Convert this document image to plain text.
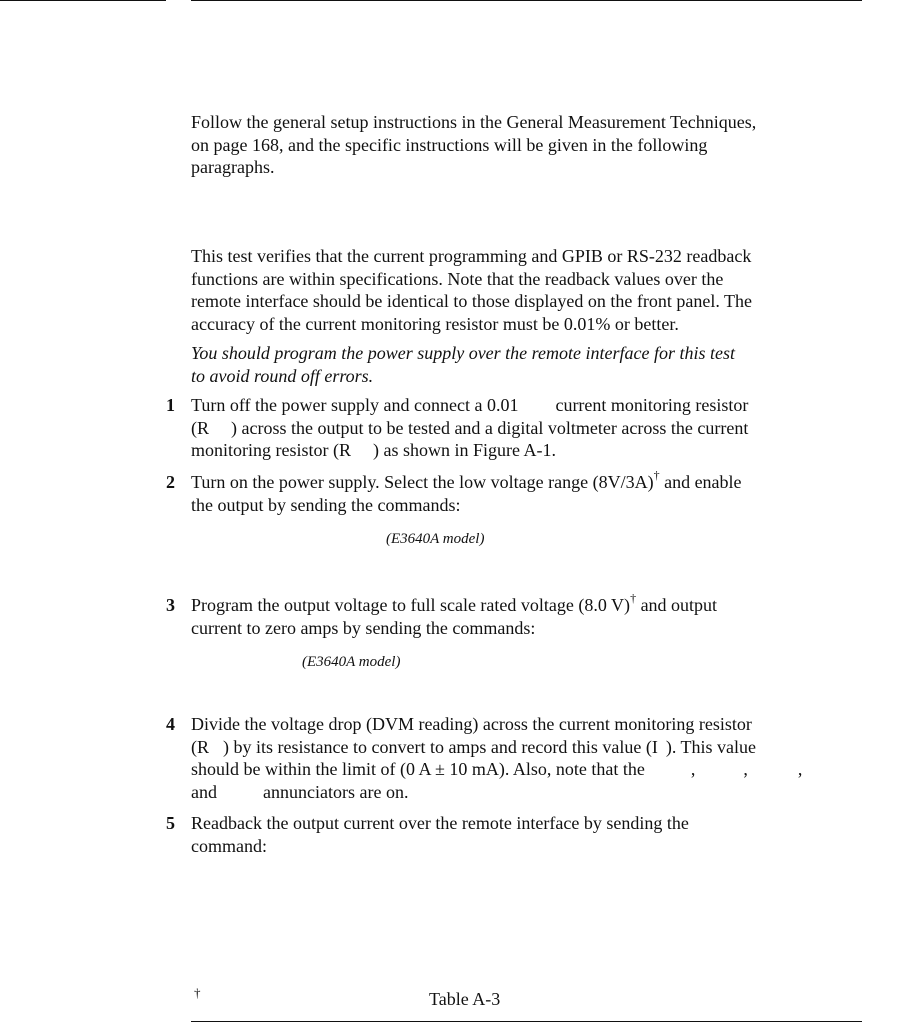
Follow the general setup instructions in the General Measurement Techniques,
on page 168, and the specific instructions will be given in the following
paragraphs.
This test verifies that the current programming and GPIB or RS-232 readback
functions are within specifications. Note that the readback values over the
remote interface should be identical to those displayed on the front panel. The
accuracy of the current monitoring resistor must be 0.01% or better.
You should program the power supply over the remote interface for this test
to avoid round off errors.
1 Turn off the power supply and connect a 0.01 current monitoring resistor
(R ) across the output to be tested and a digital voltmeter across the current
monitoring resistor (R ) as shown in Figure A-1.
2 Turn on the power supply. Select the low voltage range (8V/3A)† and enable
the output by sending the commands:
(E3640A model)
3 Program the output voltage to full scale rated voltage (8.0 V)† and output
current to zero amps by sending the commands:
(E3640A model)
4 Divide the voltage drop (DVM reading) across the current monitoring resistor
(R ) by its resistance to convert to amps and record this value (I ). This value
should be within the limit of (0 A ± 10 mA). Also, note that the	,	,	,
and	annunciators are on.
5 Readback the output current over the remote interface by sending the
command:
†	Table A-3
